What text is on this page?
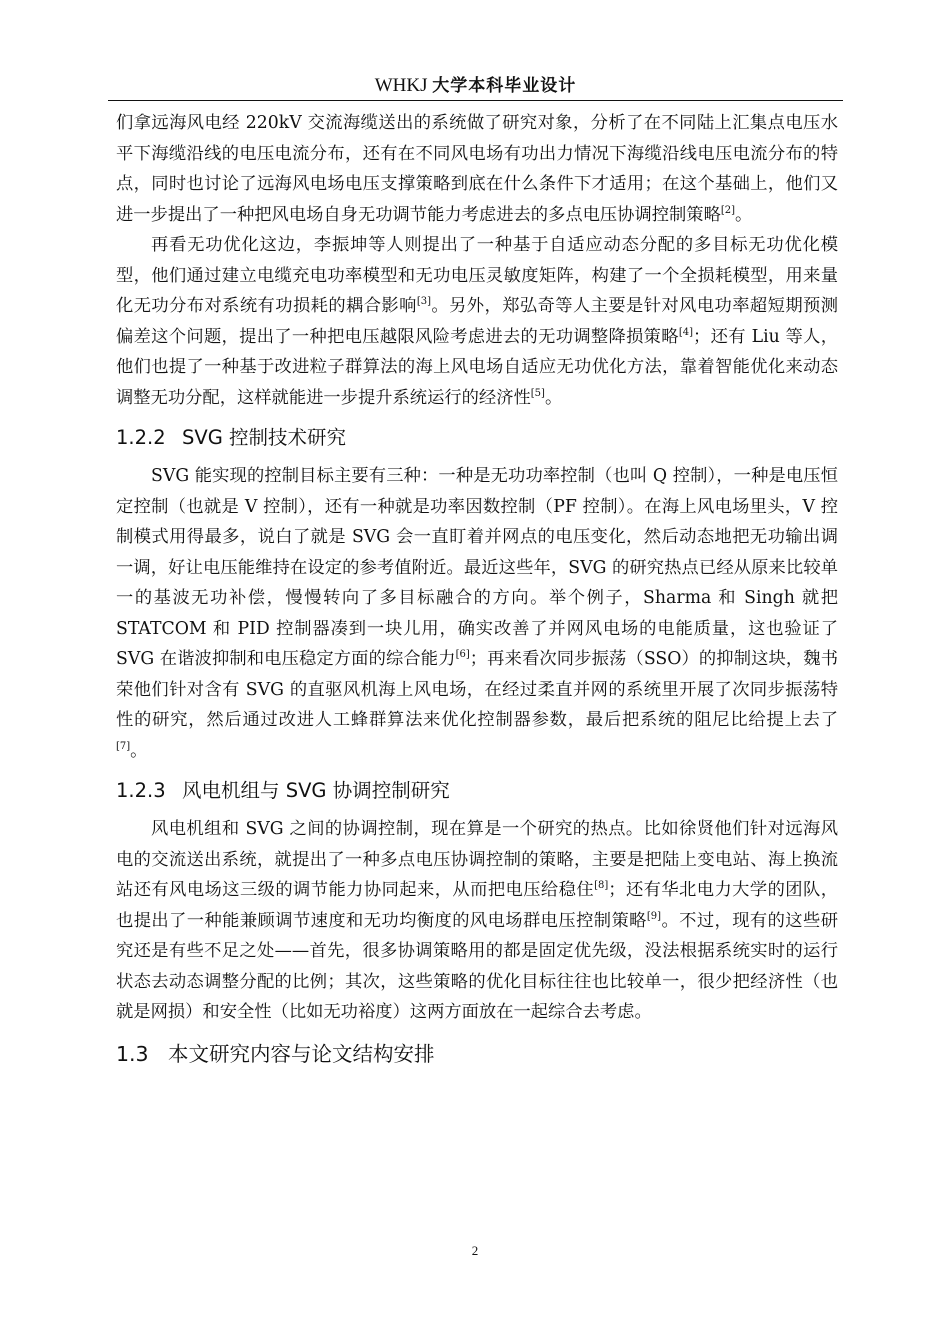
WHKJ 大学本科毕业设计

们拿远海风电经 220kV 交流海缆送出的系统做了研究对象，分析了在不同陆上汇集点电压水平下海缆沿线的电压电流分布，还有在不同风电场有功出力情况下海缆沿线电压电流分布的特点，同时也讨论了远海风电场电压支撑策略到底在什么条件下才适用；在这个基础上，他们又进一步提出了一种把风电场自身无功调节能力考虑进去的多点电压协调控制策略[2]。

再看无功优化这边，李振坤等人则提出了一种基于自适应动态分配的多目标无功优化模型，他们通过建立电缆充电功率模型和无功电压灵敏度矩阵，构建了一个全损耗模型，用来量化无功分布对系统有功损耗的耦合影响[3]。另外，郑弘奇等人主要是针对风电功率超短期预测偏差这个问题，提出了一种把电压越限风险考虑进去的无功调整降损策略[4]；还有 Liu 等人，他们也提了一种基于改进粒子群算法的海上风电场自适应无功优化方法，靠着智能优化来动态调整无功分配，这样就能进一步提升系统运行的经济性[5]。

1.2.2 SVG 控制技术研究

SVG 能实现的控制目标主要有三种：一种是无功功率控制（也叫 Q 控制），一种是电压恒定控制（也就是 V 控制），还有一种就是功率因数控制（PF 控制）。在海上风电场里头，V 控制模式用得最多，说白了就是 SVG 会一直盯着并网点的电压变化，然后动态地把无功输出调一调，好让电压能维持在设定的参考值附近。最近这些年，SVG 的研究热点已经从原来比较单一的基波无功补偿，慢慢转向了多目标融合的方向。举个例子，Sharma 和 Singh 就把 STATCOM 和 PID 控制器凑到一块儿用，确实改善了并网风电场的电能质量，这也验证了 SVG 在谐波抑制和电压稳定方面的综合能力[6]；再来看次同步振荡（SSO）的抑制这块，魏书荣他们针对含有 SVG 的直驱风机海上风电场，在经过柔直并网的系统里开展了次同步振荡特性的研究，然后通过改进人工蜂群算法来优化控制器参数，最后把系统的阻尼比给提上去了[7]。

1.2.3 风电机组与 SVG 协调控制研究

风电机组和 SVG 之间的协调控制，现在算是一个研究的热点。比如徐贤他们针对远海风电的交流送出系统，就提出了一种多点电压协调控制的策略，主要是把陆上变电站、海上换流站还有风电场这三级的调节能力协同起来，从而把电压给稳住[8]；还有华北电力大学的团队，也提出了一种能兼顾调节速度和无功均衡度的风电场群电压控制策略[9]。不过，现有的这些研究还是有些不足之处——首先，很多协调策略用的都是固定优先级，没法根据系统实时的运行状态去动态调整分配的比例；其次，这些策略的优化目标往往也比较单一，很少把经济性（也就是网损）和安全性（比如无功裕度）这两方面放在一起综合去考虑。

1.3 本文研究内容与论文结构安排
2
